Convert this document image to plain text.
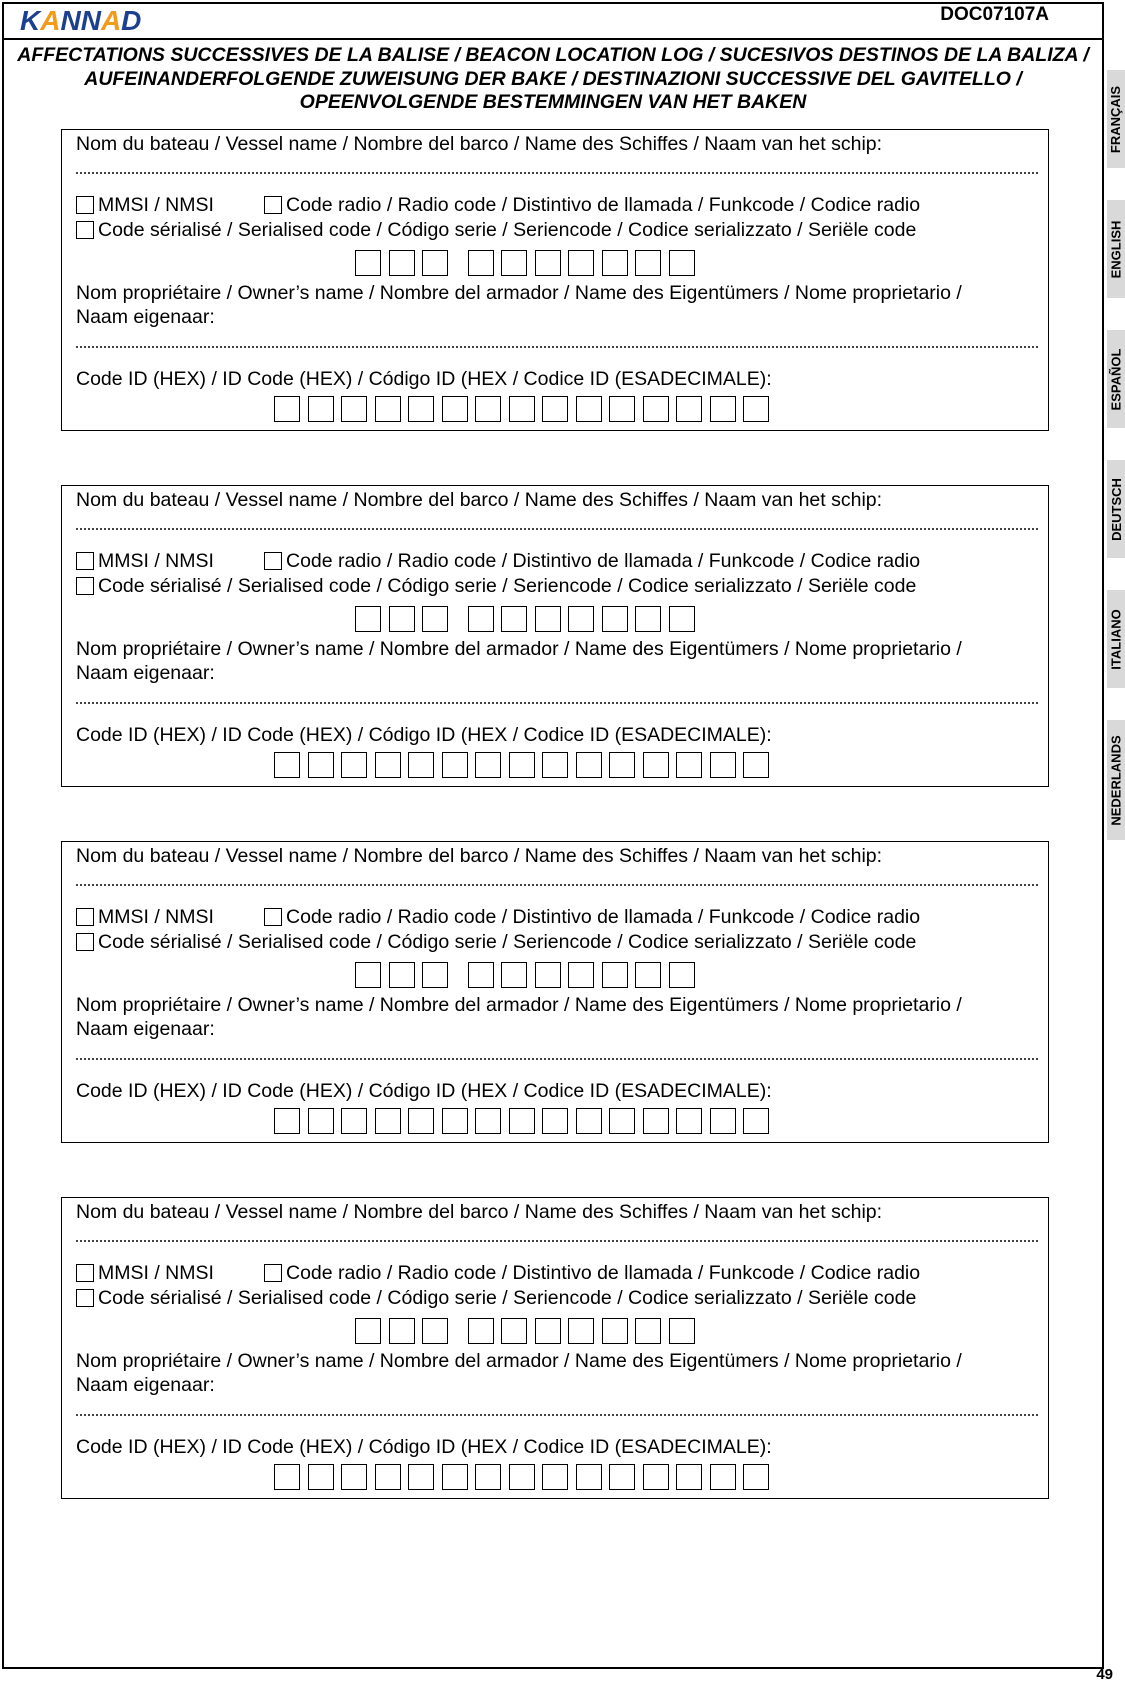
KANNAD	DOC07107A
AFFECTATIONS SUCCESSIVES DE LA BALISE / BEACON LOCATION LOG / SUCESIVOS DESTINOS DE LA BALIZA / AUFEINANDERFOLGENDE ZUWEISUNG DER BAKE / DESTINAZIONI SUCCESSIVE DEL GAVITELLO / OPEENVOLGENDE BESTEMMINGEN VAN HET BAKEN	FRANÇAIS
ENGLISH
ESPAÑOL
DEUTSCH
ITALIANO
NEDERLANDS
Nom du bateau / Vessel name / Nombre del barco / Name des Schiffes / Naam van het schip:
MMSI / NMSI	Code radio / Radio code / Distintivo de llamada / Funkcode / Codice radio
Code sérialisé / Serialised code / Código serie / Seriencode / Codice serializzato / Seriële code
Nom propriétaire / Owner’s name / Nombre del armador / Name des Eigentümers / Nome proprietario /
Naam eigenaar:
Code ID (HEX) / ID Code (HEX) / Código ID (HEX / Codice ID (ESADECIMALE):
Nom du bateau / Vessel name / Nombre del barco / Name des Schiffes / Naam van het schip:
MMSI / NMSI	Code radio / Radio code / Distintivo de llamada / Funkcode / Codice radio
Code sérialisé / Serialised code / Código serie / Seriencode / Codice serializzato / Seriële code
Nom propriétaire / Owner’s name / Nombre del armador / Name des Eigentümers / Nome proprietario /
Naam eigenaar:
Code ID (HEX) / ID Code (HEX) / Código ID (HEX / Codice ID (ESADECIMALE):
Nom du bateau / Vessel name / Nombre del barco / Name des Schiffes / Naam van het schip:
MMSI / NMSI	Code radio / Radio code / Distintivo de llamada / Funkcode / Codice radio
Code sérialisé / Serialised code / Código serie / Seriencode / Codice serializzato / Seriële code
Nom propriétaire / Owner’s name / Nombre del armador / Name des Eigentümers / Nome proprietario /
Naam eigenaar:
Code ID (HEX) / ID Code (HEX) / Código ID (HEX / Codice ID (ESADECIMALE):
Nom du bateau / Vessel name / Nombre del barco / Name des Schiffes / Naam van het schip:
MMSI / NMSI	Code radio / Radio code / Distintivo de llamada / Funkcode / Codice radio
Code sérialisé / Serialised code / Código serie / Seriencode / Codice serializzato / Seriële code
Nom propriétaire / Owner’s name / Nombre del armador / Name des Eigentümers / Nome proprietario /
Naam eigenaar:
Code ID (HEX) / ID Code (HEX) / Código ID (HEX / Codice ID (ESADECIMALE):
49
